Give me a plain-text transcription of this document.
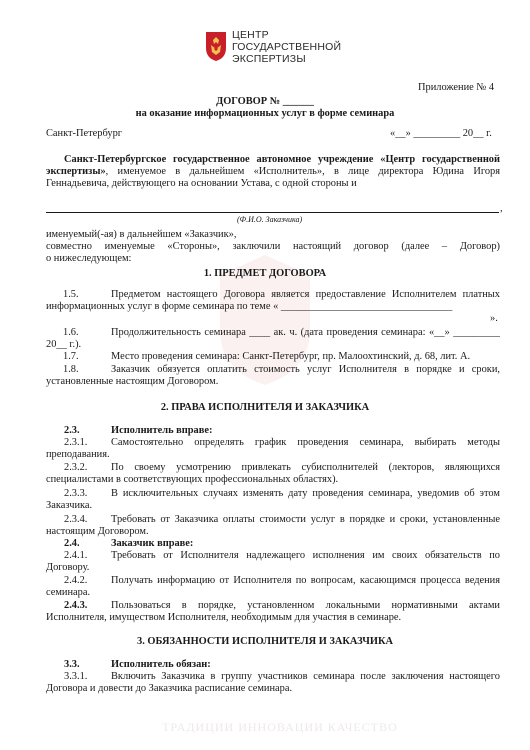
ЦЕНТР
ГОСУДАРСТВЕННОЙ
ЭКСПЕРТИЗЫ
Приложение № 4
ДОГОВОР № ______
на оказание информационных услуг в форме семинара
Санкт-Петербург	«__» _________ 20__ г.
Санкт-Петербургское государственное автономное учреждение «Центр государственной экспертизы», именуемое в дальнейшем «Исполнитель», в лице директора Юдина Игоря Геннадьевича, действующего на основании Устава, с одной стороны и
,
(Ф.И.О. Заказчика)
именуемый(-ая) в дальнейшем «Заказчик»,
совместно именуемые «Стороны», заключили настоящий договор (далее – Договор)
о нижеследующем:
1. ПРЕДМЕТ ДОГОВОРА
1.5.	Предметом настоящего Договора является предоставление Исполнителем платных информационных услуг в форме семинара по теме « _________________________________
».
1.6.	Продолжительность семинара ____ ак. ч. (дата проведения семинара: «__» _________ 20__ г.).
1.7.	Место проведения семинара: Санкт-Петербург, пр. Малоохтинский, д. 68, лит. А.
1.8.	Заказчик обязуется оплатить стоимость услуг Исполнителя в порядке и сроки, установленные настоящим Договором.
2. ПРАВА ИСПОЛНИТЕЛЯ И ЗАКАЗЧИКА
2.3.	Исполнитель вправе:
2.3.1.	Самостоятельно определять график проведения семинара, выбирать методы преподавания.
2.3.2.	По своему усмотрению привлекать субисполнителей (лекторов, являющихся специалистами в соответствующих профессиональных областях).
2.3.3.	В исключительных случаях изменять дату проведения семинара, уведомив об этом Заказчика.
2.3.4.	Требовать от Заказчика оплаты стоимости услуг в порядке и сроки, установленные настоящим Договором.
2.4.	Заказчик вправе:
2.4.1.	Требовать от Исполнителя надлежащего исполнения им своих обязательств по Договору.
2.4.2.	Получать информацию от Исполнителя по вопросам, касающимся процесса ведения семинара.
2.4.3.	Пользоваться в порядке, установленном локальными нормативными актами Исполнителя, имуществом Исполнителя, необходимым для участия в семинаре.
3. ОБЯЗАННОСТИ ИСПОЛНИТЕЛЯ И ЗАКАЗЧИКА
3.3.	Исполнитель обязан:
3.3.1.	Включить Заказчика в группу участников семинара после заключения настоящего Договора и довести до Заказчика расписание семинара.
ТРАДИЦИИ ИННОВАЦИИ КАЧЕСТВО
